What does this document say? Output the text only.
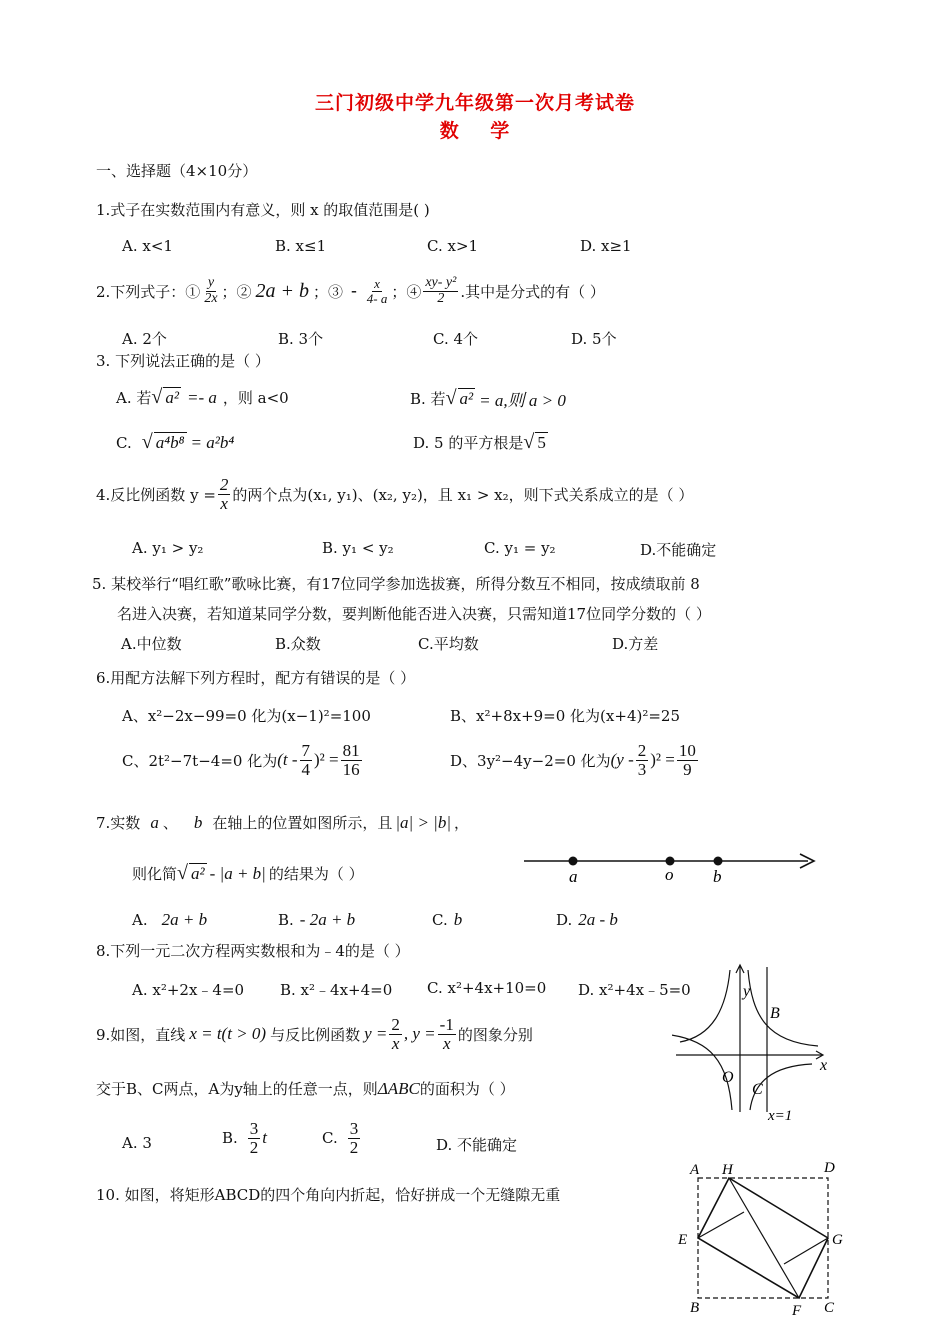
三门初级中学九年级第一次月考试卷
数    学
一、选择题（4×10分）
1.式子在实数范围内有意义，则 x 的取值范围是( )
A. x<1	B. x≤1	C. x>1	D. x≥1
2.下列式子：① $\frac{y}{2x}$ ；② 2a + b ；③ - $\frac{x}{4- a}$ ；④ $\frac{\text{xy- y²}}{2}$ .其中是分式的有（ ）
A. 2个	B. 3个	C. 4个	D. 5个
3. 下列说法正确的是（ ）
A. 若 √ a² =- a ，则 a<0	B. 若 √ a² = a,则 a > 0
C. √ a⁴b⁸ = a²b⁴	D. 5 的平方根是 √ 5
4.反比例函数 $y = \frac{2}{x}$ 的两个点为(x₁, y₁)、(x₂, y₂)，且 x₁ > x₂，则下式关系成立的是（ ）
A. y₁ > y₂	B. y₁ < y₂	C. y₁ = y₂	D.不能确定
5. 某校举行“唱红歌”歌咏比赛，有17位同学参加选拔赛，所得分数互不相同，按成绩取前 8
名进入决赛，若知道某同学分数，要判断他能否进入决赛，只需知道17位同学分数的（ ）
A.中位数	B.众数	C.平均数	D.方差
6.用配方法解下列方程时，配方有错误的是（ ）
A、x²−2x−99=0 化为(x−1)²=100	B、x²+8x+9=0 化为(x+4)²=25
C、2t²−7t−4=0 化为 $(t - \frac{7}{4} )^2 = \frac{81}{16}$	D、3y²−4y−2=0 化为 $(y - \frac{2}{3} )^2 = \frac{10}{9}$
7.实数 a 、 b 在轴上的位置如图所示，且 |a| > |b| ，
则化简 √ a² - |a + b| 的结果为（ ）	a	o b
A. 2a + b	B. - 2a + b	C. b	D. 2a - b
8.下列一元二次方程两实数根和为﹣4的是（ ）
A. x²+2x﹣4=0 B. x²﹣4x+4=0 C. x²+4x+10=0 D. x²+4x﹣5=0
9.如图，直线 x = t(t > 0) 与反比例函数 $y = \frac{2}{x}$ , $y = \frac{-1}{x}$ 的图象分别
交于B、C两点，A为y轴上的任意一点，则 ΔABC 的面积为（ ）
A. 3	B. $\frac{3}{2}$ t	C. $\frac{3}{2}$	D. 不能确定
y
x
O
B
C
x=1
10. 如图，将矩形ABCD的四个角向内折起，恰好拼成一个无缝隙无重
A H	D
E	G
B	F C
